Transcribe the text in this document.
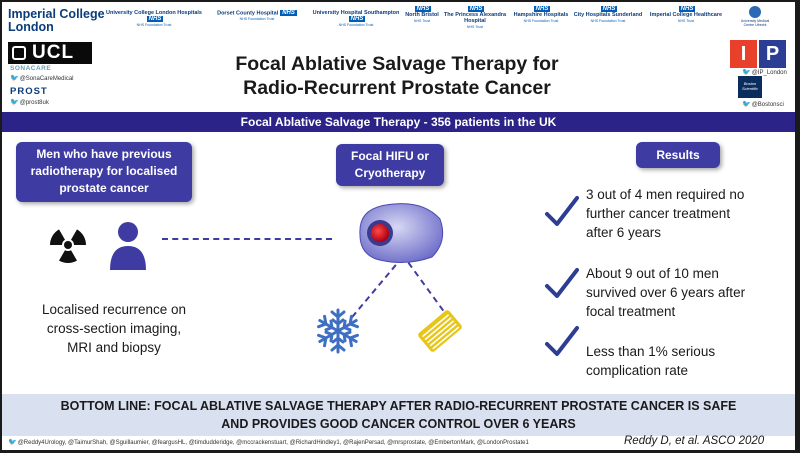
Imperial College
London
University College London HospitalsNHS
NHS Foundation Trust
Dorset County Hospital NHS
NHS Foundation Trust
University Hospital SouthamptonNHS
NHS Foundation Trust
NHS
North Bristol
NHS Trust
NHS
The Princess Alexandra Hospital
NHS Trust
NHS
Hampshire Hospitals
NHS Foundation Trust
NHS
City Hospitals Sunderland
NHS Foundation Trust
NHS
Imperial College Healthcare
NHS Trust	University Medical Centre Utrecht
UCL
SONACARE
🐦@SonaCareMedical
PROST
🐦@prost8uk
I P
🐦@IP_London
Boston Scientific
🐦@Bostonsci
Focal Ablative Salvage Therapy for
Radio-Recurrent Prostate Cancer
Focal Ablative Salvage Therapy - 356 patients in the UK
Men who have previous
radiotherapy for localised
prostate cancer
Focal HIFU or
Cryotherapy
Results
Localised recurrence on
cross-section imaging,
MRI and biopsy
3 out of 4 men required no
further cancer treatment
after 6 years
About 9 out of 10 men
survived over 6 years after
focal treatment
Less than 1% serious
complication rate
BOTTOM LINE: FOCAL ABLATIVE SALVAGE THERAPY AFTER RADIO-RECURRENT PROSTATE CANCER IS SAFE
AND PROVIDES GOOD CANCER CONTROL OVER 6 YEARS
🐦@Reddy4Urology, @TaimurShah, @Sguillaumier, @feargusHL, @timdudderidge, @mccrackenstuart, @RichardHindley1, @RajenPersad, @mrsprostate, @EmbertonMark, @LondonProstate1	Reddy D, et al. ASCO 2020
